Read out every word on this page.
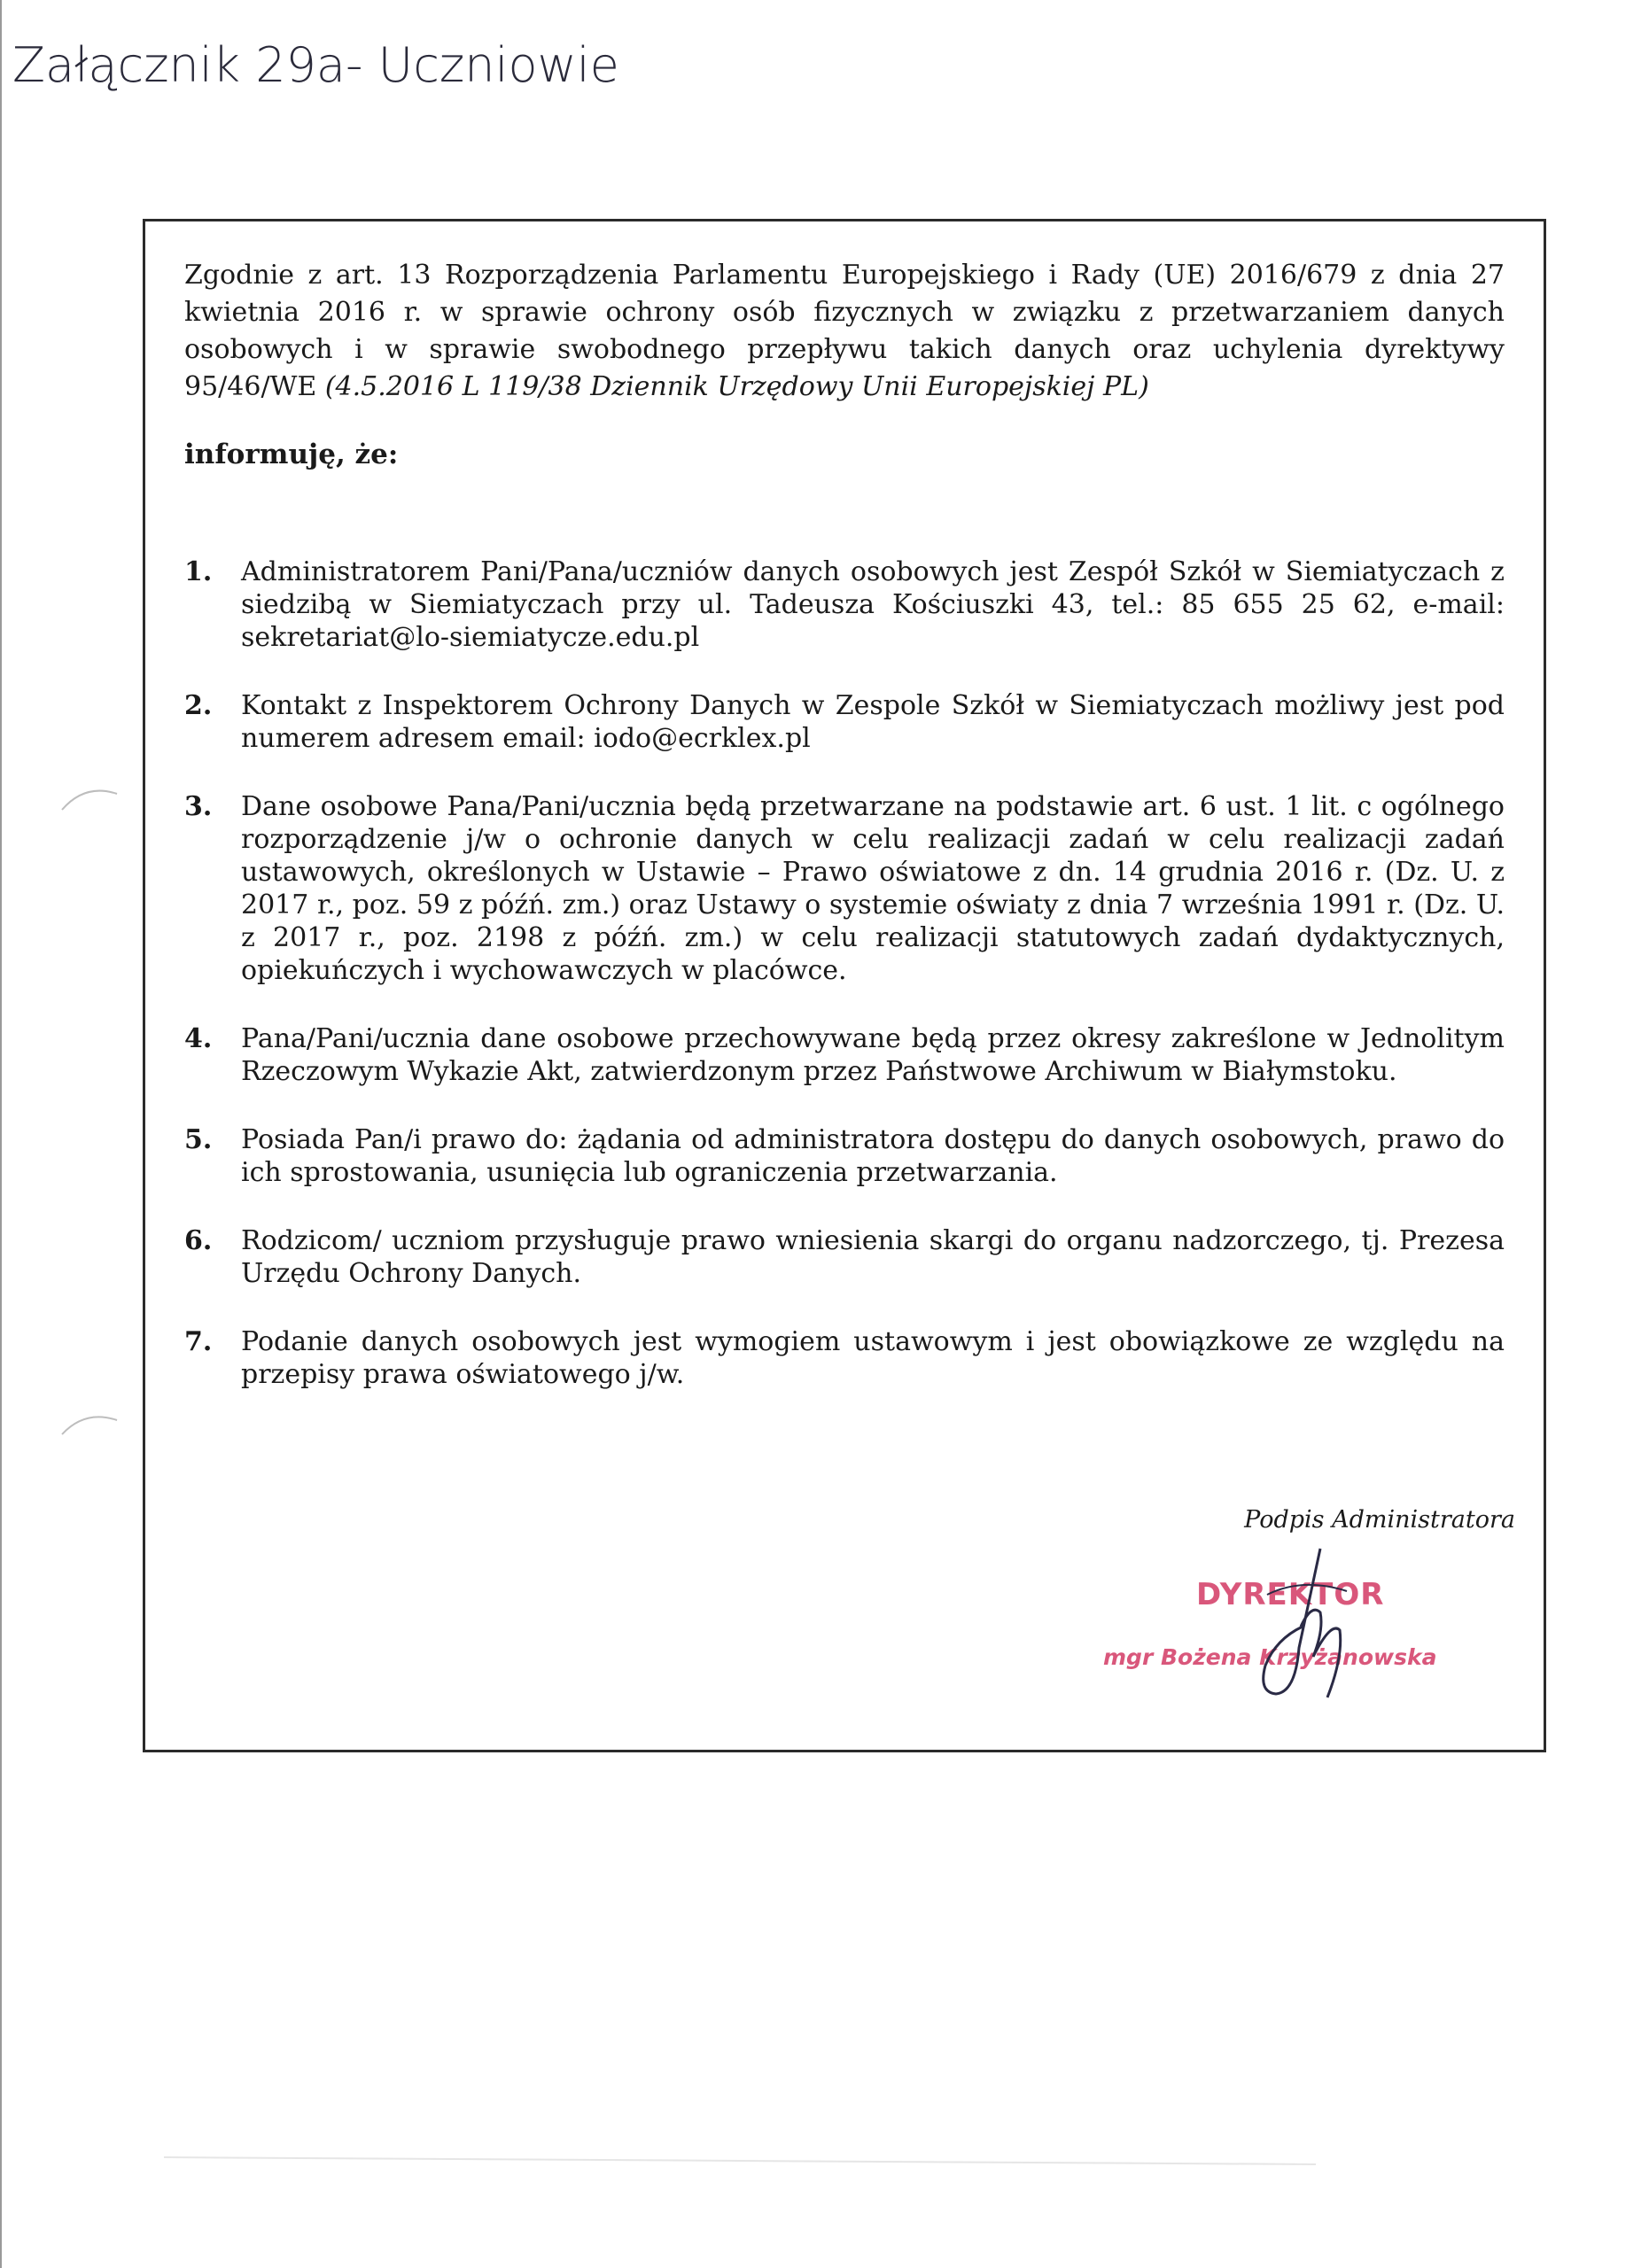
Załącznik 29a- Uczniowie

Zgodnie z art. 13 Rozporządzenia Parlamentu Europejskiego i Rady (UE) 2016/679 z dnia 27 kwietnia 2016 r. w sprawie ochrony osób fizycznych w związku z przetwarzaniem danych osobowych i w sprawie swobodnego przepływu takich danych oraz uchylenia dyrektywy 95/46/WE (4.5.2016 L 119/38 Dziennik Urzędowy Unii Europejskiej PL)

informuję, że:

1. Administratorem Pani/Pana/uczniów danych osobowych jest Zespół Szkół w Siemiatyczach z siedzibą w Siemiatyczach przy ul. Tadeusza Kościuszki 43, tel.: 85 655 25 62, e-mail: sekretariat@lo-siemiatycze.edu.pl
2. Kontakt z Inspektorem Ochrony Danych w Zespole Szkół w Siemiatyczach możliwy jest pod numerem adresem email: iodo@ecrklex.pl
3. Dane osobowe Pana/Pani/ucznia będą przetwarzane na podstawie art. 6 ust. 1 lit. c ogólnego rozporządzenie j/w o ochronie danych w celu realizacji zadań w celu realizacji zadań ustawowych, określonych w Ustawie – Prawo oświatowe z dn. 14 grudnia 2016 r. (Dz. U. z 2017 r., poz. 59 z późń. zm.) oraz Ustawy o systemie oświaty z dnia 7 września 1991 r. (Dz. U. z 2017 r., poz. 2198 z późń. zm.) w celu realizacji statutowych zadań dydaktycznych, opiekuńczych i wychowawczych w placówce.
4. Pana/Pani/ucznia dane osobowe przechowywane będą przez okresy zakreślone w Jednolitym Rzeczowym Wykazie Akt, zatwierdzonym przez Państwowe Archiwum w Białymstoku.
5. Posiada Pan/i prawo do: żądania od administratora dostępu do danych osobowych, prawo do ich sprostowania, usunięcia lub ograniczenia przetwarzania.
6. Rodzicom/ uczniom przysługuje prawo wniesienia skargi do organu nadzorczego, tj. Prezesa Urzędu Ochrony Danych.
7. Podanie danych osobowych jest wymogiem ustawowym i jest obowiązkowe ze względu na przepisy prawa oświatowego j/w.
Podpis Administratora
DYREKTOR
mgr Bożena Krzyżanowska
